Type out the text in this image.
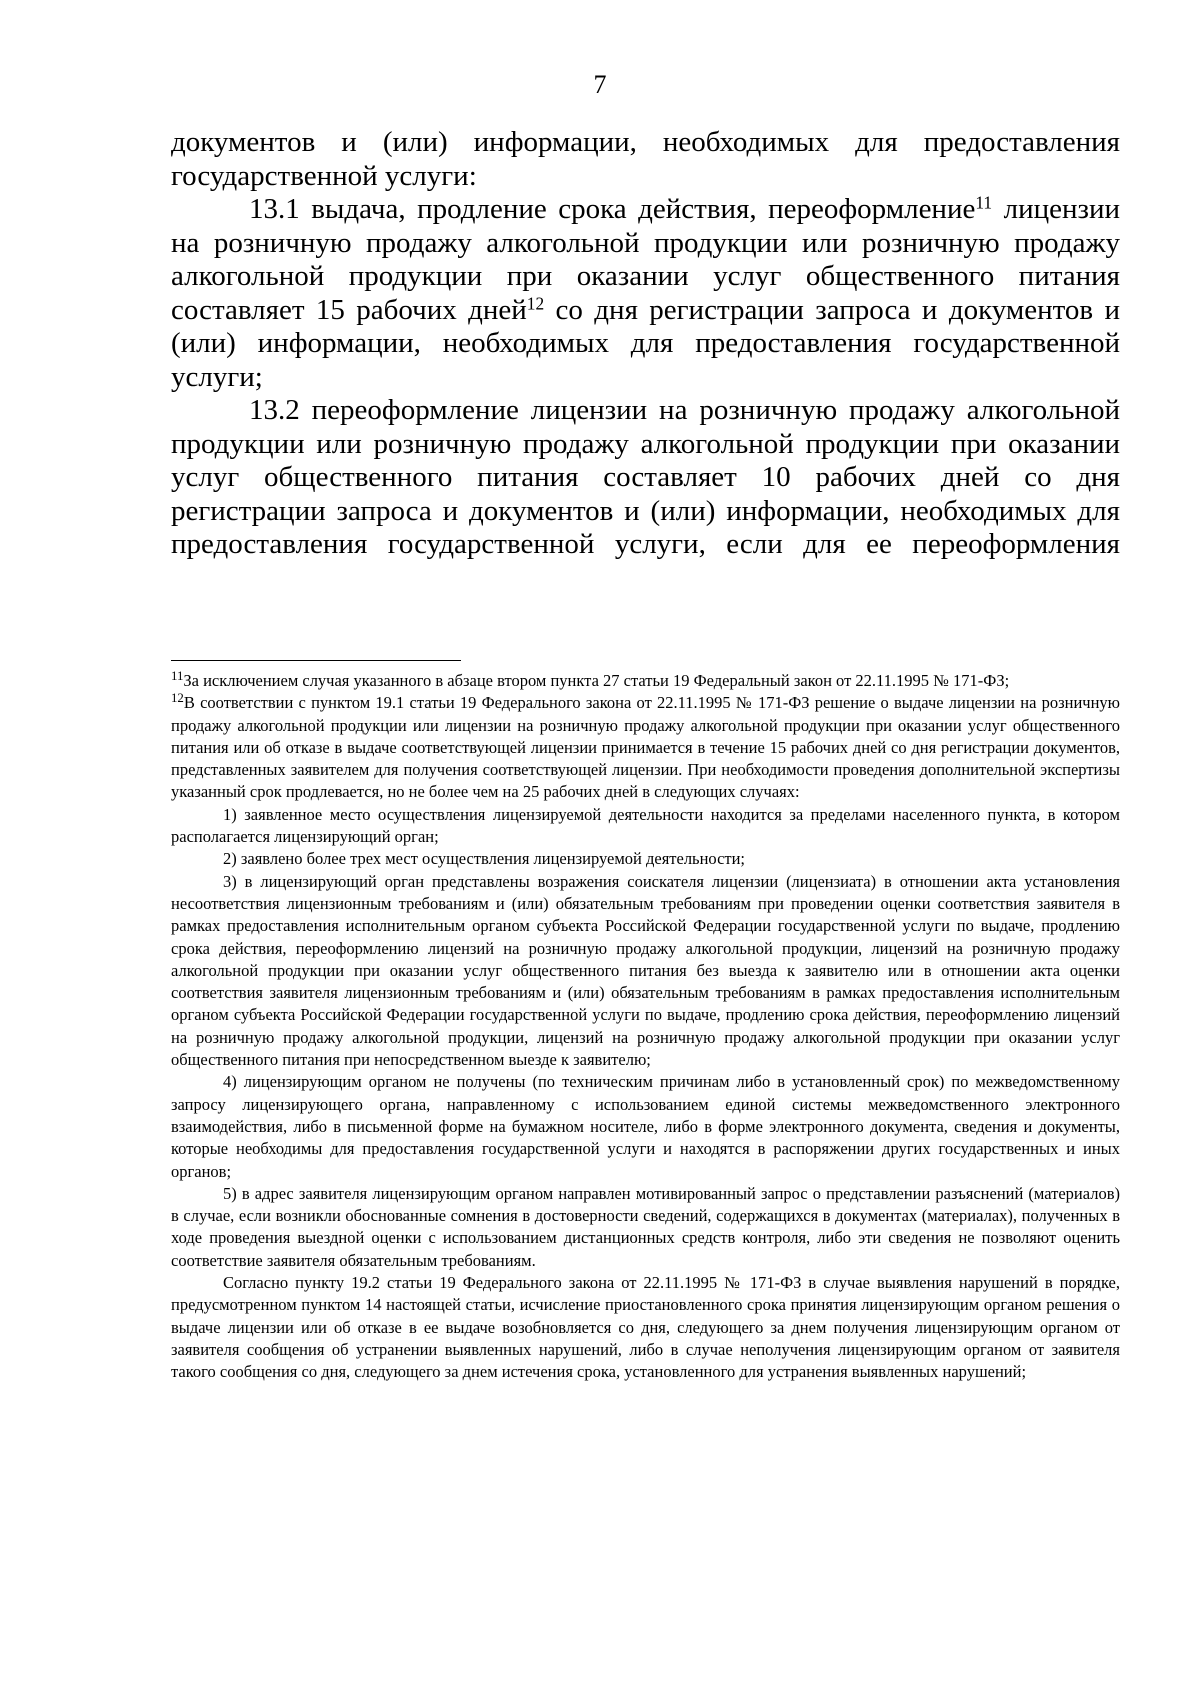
7

документов и (или) информации, необходимых для предоставления государственной услуги:

13.1 выдача, продление срока действия, переоформление$^{11}$ лицензии на розничную продажу алкогольной продукции или розничную продажу алкогольной продукции при оказании услуг общественного питания составляет 15 рабочих дней$^{12}$ со дня регистрации запроса и документов и (или) информации, необходимых для предоставления государственной услуги;

13.2 переоформление лицензии на розничную продажу алкогольной продукции или розничную продажу алкогольной продукции при оказании услуг общественного питания составляет 10 рабочих дней со дня регистрации запроса и документов и (или) информации, необходимых для предоставления государственной услуги, если для ее переоформления

$^{11}$За исключением случая указанного в абзаце втором пункта 27 статьи 19 Федеральный закон от 22.11.1995 № 171-ФЗ;

$^{12}$В соответствии с пунктом 19.1 статьи 19 Федерального закона от 22.11.1995 № 171-ФЗ решение о выдаче лицензии на розничную продажу алкогольной продукции или лицензии на розничную продажу алкогольной продукции при оказании услуг общественного питания или об отказе в выдаче соответствующей лицензии принимается в течение 15 рабочих дней со дня регистрации документов, представленных заявителем для получения соответствующей лицензии. При необходимости проведения дополнительной экспертизы указанный срок продлевается, но не более чем на 25 рабочих дней в следующих случаях:

1) заявленное место осуществления лицензируемой деятельности находится за пределами населенного пункта, в котором располагается лицензирующий орган;

2) заявлено более трех мест осуществления лицензируемой деятельности;

3) в лицензирующий орган представлены возражения соискателя лицензии (лицензиата) в отношении акта установления несоответствия лицензионным требованиям и (или) обязательным требованиям при проведении оценки соответствия заявителя в рамках предоставления исполнительным органом субъекта Российской Федерации государственной услуги по выдаче, продлению срока действия, переоформлению лицензий на розничную продажу алкогольной продукции, лицензий на розничную продажу алкогольной продукции при оказании услуг общественного питания без выезда к заявителю или в отношении акта оценки соответствия заявителя лицензионным требованиям и (или) обязательным требованиям в рамках предоставления исполнительным органом субъекта Российской Федерации государственной услуги по выдаче, продлению срока действия, переоформлению лицензий на розничную продажу алкогольной продукции, лицензий на розничную продажу алкогольной продукции при оказании услуг общественного питания при непосредственном выезде к заявителю;

4) лицензирующим органом не получены (по техническим причинам либо в установленный срок) по межведомственному запросу лицензирующего органа, направленному с использованием единой системы межведомственного электронного взаимодействия, либо в письменной форме на бумажном носителе, либо в форме электронного документа, сведения и документы, которые необходимы для предоставления государственной услуги и находятся в распоряжении других государственных и иных органов;

5) в адрес заявителя лицензирующим органом направлен мотивированный запрос о представлении разъяснений (материалов) в случае, если возникли обоснованные сомнения в достоверности сведений, содержащихся в документах (материалах), полученных в ходе проведения выездной оценки с использованием дистанционных средств контроля, либо эти сведения не позволяют оценить соответствие заявителя обязательным требованиям.

Согласно пункту 19.2 статьи 19 Федерального закона от 22.11.1995 № 171-ФЗ в случае выявления нарушений в порядке, предусмотренном пунктом 14 настоящей статьи, исчисление приостановленного срока принятия лицензирующим органом решения о выдаче лицензии или об отказе в ее выдаче возобновляется со дня, следующего за днем получения лицензирующим органом от заявителя сообщения об устранении выявленных нарушений, либо в случае неполучения лицензирующим органом от заявителя такого сообщения со дня, следующего за днем истечения срока, установленного для устранения выявленных нарушений;
